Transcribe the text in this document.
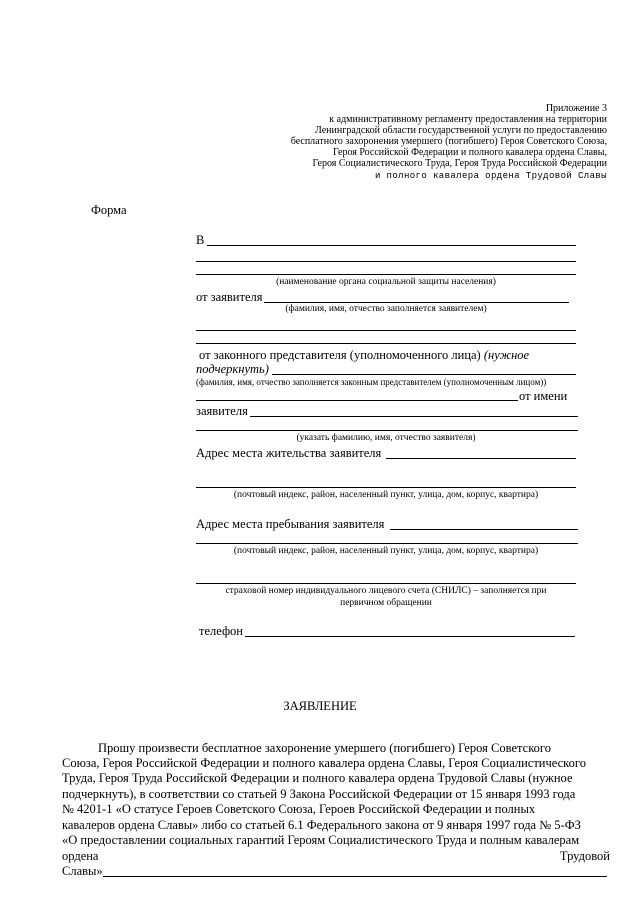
Приложение 3
к административному регламенту предоставления на территории
Ленинградской области государственной услуги по предоставлению
бесплатного захоронения умершего (погибшего) Героя Советского Союза,
Героя Российской Федерации и полного кавалера ордена Славы,
Героя Социалистического Труда, Героя Труда Российской Федерации
и полного кавалера ордена Трудовой Славы
Форма
В
(наименование органа социальной защиты населения)
от заявителя
(фамилия, имя, отчество заполняется заявителем)
от законного представителя (уполномоченного лица) (нужное
подчеркнуть)
(фамилия, имя, отчество заполняется законным представителем (уполномоченным лицом))
от имени
заявителя
(указать фамилию, имя, отчество заявителя)
Адрес места жительства заявителя
(почтовый индекс, район, населенный пункт, улица, дом, корпус, квартира)
Адрес места пребывания заявителя
(почтовый индекс, район, населенный пункт, улица, дом, корпус, квартира)
страховой номер индивидуального лицевого счета (СНИЛС) – заполняется при
первичном обращении
телефон
ЗАЯВЛЕНИЕ
Прошу произвести бесплатное захоронение умершего (погибшего) Героя Советского
Союза, Героя Российской Федерации и полного кавалера ордена Славы, Героя Социалистического
Труда, Героя Труда Российской Федерации и полного кавалера ордена Трудовой Славы (нужное
подчеркнуть), в соответствии со статьей 9 Закона Российской Федерации от 15 января 1993 года
№ 4201-1 «О статусе Героев Советского Союза, Героев Российской Федерации и полных
кавалеров ордена Славы» либо со статьей 6.1 Федерального закона от 9 января 1997 года № 5-ФЗ
«О предоставлении социальных гарантий Героям Социалистического Труда и полным кавалерам
ордена	Трудовой
Славы»
